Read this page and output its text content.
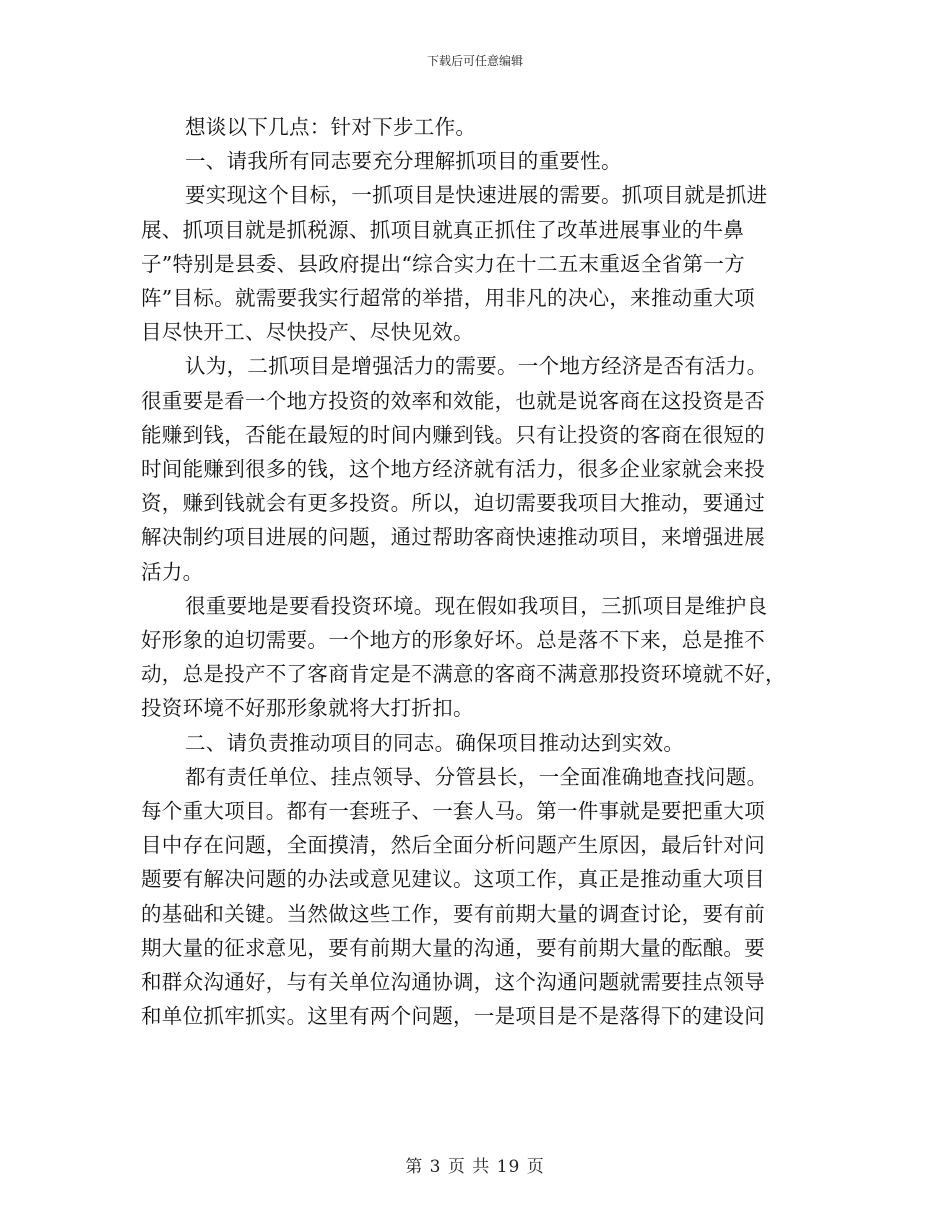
下载后可任意编辑

想谈以下几点：针对下步工作。

一、请我所有同志要充分理解抓项目的重要性。

要实现这个目标，一抓项目是快速进展的需要。抓项目就是抓进
展、抓项目就是抓税源、抓项目就真正抓住了改革进展事业的牛鼻
子”特别是县委、县政府提出“综合实力在十二五末重返全省第一方
阵”目标。就需要我实行超常的举措，用非凡的决心，来推动重大项
目尽快开工、尽快投产、尽快见效。

认为，二抓项目是增强活力的需要。一个地方经济是否有活力。
很重要是看一个地方投资的效率和效能，也就是说客商在这投资是否
能赚到钱，否能在最短的时间内赚到钱。只有让投资的客商在很短的
时间能赚到很多的钱，这个地方经济就有活力，很多企业家就会来投
资，赚到钱就会有更多投资。所以，迫切需要我项目大推动，要通过
解决制约项目进展的问题，通过帮助客商快速推动项目，来增强进展
活力。

很重要地是要看投资环境。现在假如我项目，三抓项目是维护良
好形象的迫切需要。一个地方的形象好坏。总是落不下来，总是推不
动，总是投产不了客商肯定是不满意的客商不满意那投资环境就不好，
投资环境不好那形象就将大打折扣。

二、请负责推动项目的同志。确保项目推动达到实效。

都有责任单位、挂点领导、分管县长，一全面准确地查找问题。
每个重大项目。都有一套班子、一套人马。第一件事就是要把重大项
目中存在问题，全面摸清，然后全面分析问题产生原因，最后针对问
题要有解决问题的办法或意见建议。这项工作，真正是推动重大项目
的基础和关键。当然做这些工作，要有前期大量的调查讨论，要有前
期大量的征求意见，要有前期大量的沟通，要有前期大量的酝酿。要
和群众沟通好，与有关单位沟通协调，这个沟通问题就需要挂点领导
和单位抓牢抓实。这里有两个问题，一是项目是不是落得下的建设问

第 3 页 共 19 页
